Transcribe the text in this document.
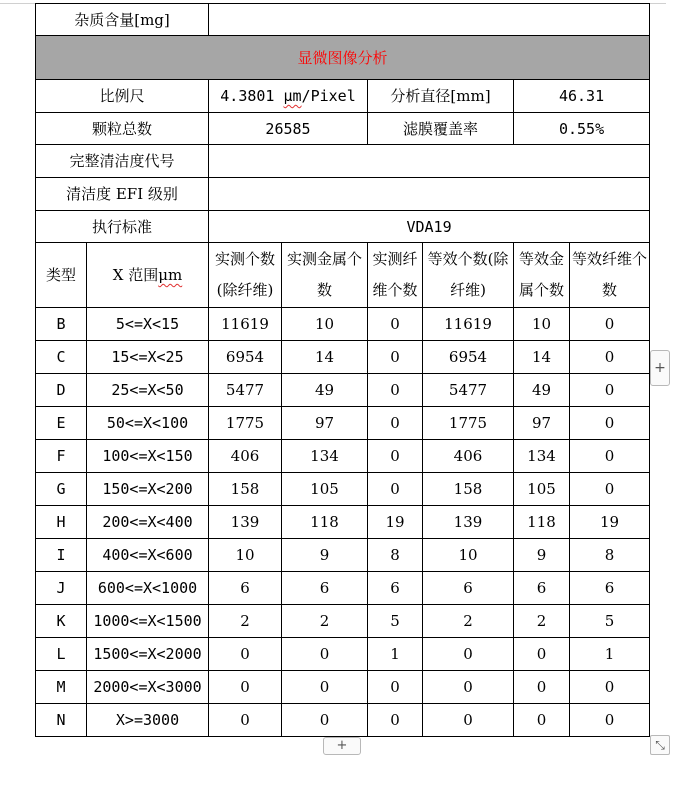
杂质含量[mg]							
显微图像分析							
比例尺		4.3801 μm/Pixel		分析直径[mm]		46.31	
颗粒总数		26585		滤膜覆盖率		0.55%	
完整清洁度代号							
清洁度 EFI 级别							
执行标准		VDA19					
类型	X 范围μm	实测个数(除纤维)	实测金属个数	实测纤维个数	等效个数(除纤维)	等效金属个数	等效纤维个数
B	5<=X<15	11619	10	0	11619	10	0
C	15<=X<25	6954	14	0	6954	14	0
D	25<=X<50	5477	49	0	5477	49	0
E	50<=X<100	1775	97	0	1775	97	0
F	100<=X<150	406	134	0	406	134	0
G	150<=X<200	158	105	0	158	105	0
H	200<=X<400	139	118	19	139	118	19
I	400<=X<600	10	9	8	10	9	8
J	600<=X<1000	6	6	6	6	6	6
K	1000<=X<1500	2	2	5	2	2	5
L	1500<=X<2000	0	0	1	0	0	1
M	2000<=X<3000	0	0	0	0	0	0
N	X>=3000	0	0	0	0	0	0
+
+	⤡
